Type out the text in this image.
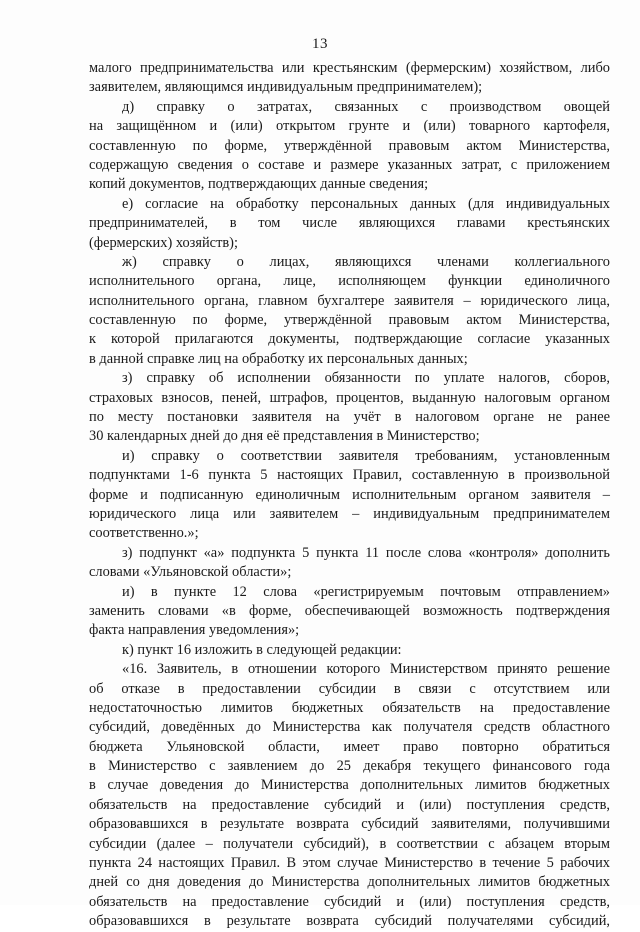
13
малого предпринимательства или крестьянским (фермерским) хозяйством, либо
заявителем, являющимся индивидуальным предпринимателем);
д) справку о затратах, связанных с производством овощей
на защищённом и (или) открытом грунте и (или) товарного картофеля,
составленную по форме, утверждённой правовым актом Министерства,
содержащую сведения о составе и размере указанных затрат, с приложением
копий документов, подтверждающих данные сведения;
е) согласие на обработку персональных данных (для индивидуальных
предпринимателей, в том числе являющихся главами крестьянских
(фермерских) хозяйств);
ж) справку о лицах, являющихся членами коллегиального
исполнительного органа, лице, исполняющем функции единоличного
исполнительного органа, главном бухгалтере заявителя – юридического лица,
составленную по форме, утверждённой правовым актом Министерства,
к которой прилагаются документы, подтверждающие согласие указанных
в данной справке лиц на обработку их персональных данных;
з) справку об исполнении обязанности по уплате налогов, сборов,
страховых взносов, пеней, штрафов, процентов, выданную налоговым органом
по месту постановки заявителя на учёт в налоговом органе не ранее
30 календарных дней до дня её представления в Министерство;
и) справку о соответствии заявителя требованиям, установленным
подпунктами 1-6 пункта 5 настоящих Правил, составленную в произвольной
форме и подписанную единоличным исполнительным органом заявителя –
юридического лица или заявителем – индивидуальным предпринимателем
соответственно.»;
з) подпункт «а» подпункта 5 пункта 11 после слова «контроля» дополнить
словами «Ульяновской области»;
и) в пункте 12 слова «регистрируемым почтовым отправлением»
заменить словами «в форме, обеспечивающей возможность подтверждения
факта направления уведомления»;
к) пункт 16 изложить в следующей редакции:
«16. Заявитель, в отношении которого Министерством принято решение
об отказе в предоставлении субсидии в связи с отсутствием или
недостаточностью лимитов бюджетных обязательств на предоставление
субсидий, доведённых до Министерства как получателя средств областного
бюджета Ульяновской области, имеет право повторно обратиться
в Министерство с заявлением до 25 декабря текущего финансового года
в случае доведения до Министерства дополнительных лимитов бюджетных
обязательств на предоставление субсидий и (или) поступления средств,
образовавшихся в результате возврата субсидий заявителями, получившими
субсидии (далее – получатели субсидий), в соответствии с абзацем вторым
пункта 24 настоящих Правил. В этом случае Министерство в течение 5 рабочих
дней со дня доведения до Министерства дополнительных лимитов бюджетных
обязательств на предоставление субсидий и (или) поступления средств,
образовавшихся в результате возврата субсидий получателями субсидий,
